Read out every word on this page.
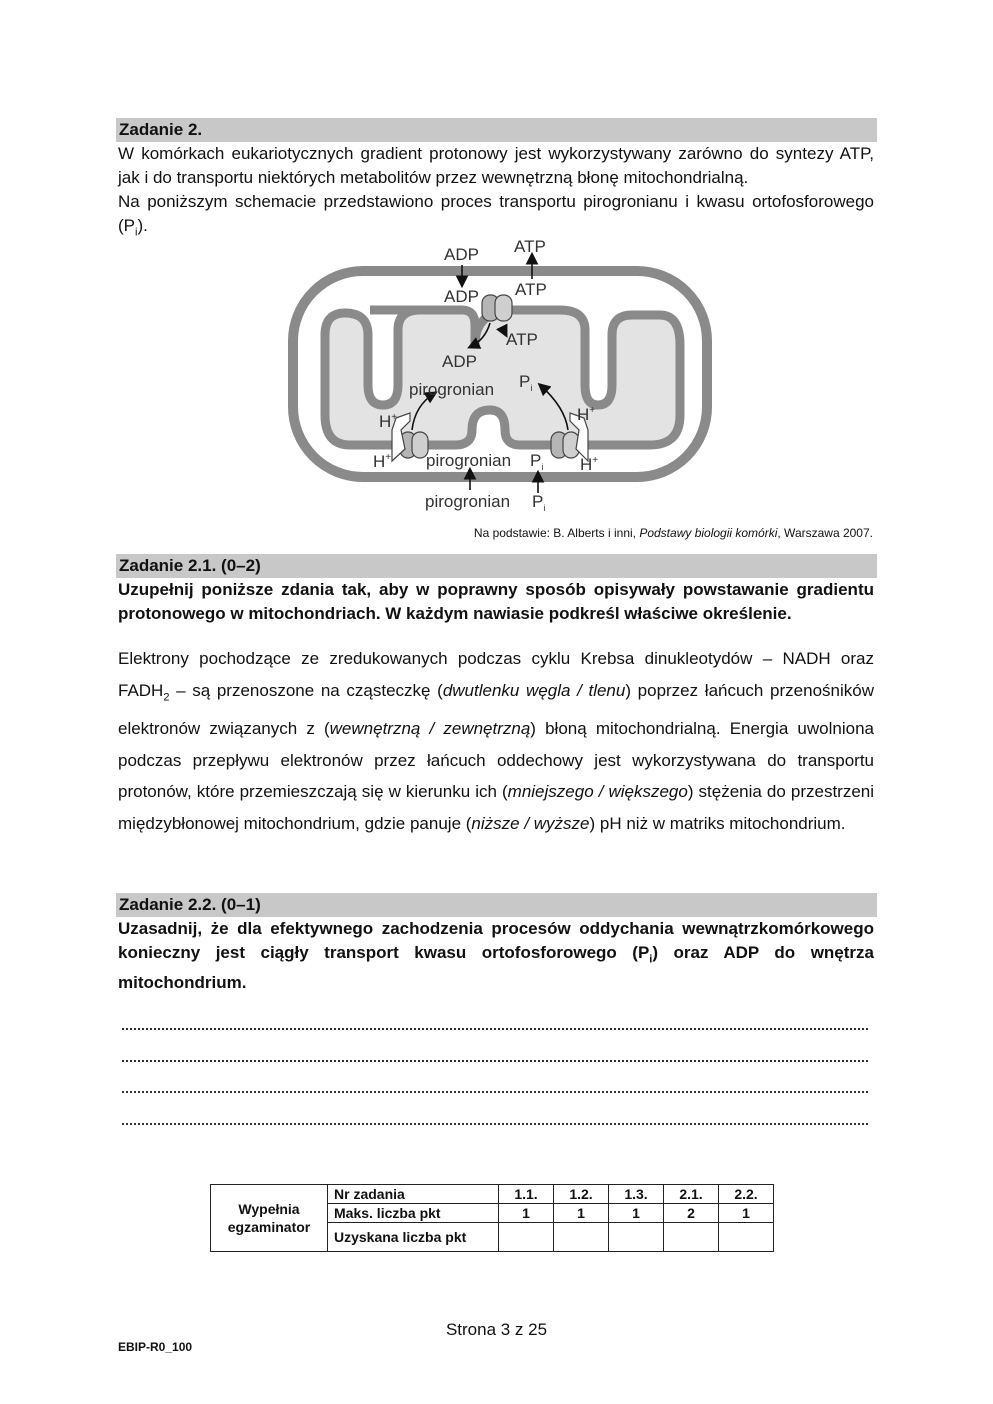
Zadanie 2.

W komórkach eukariotycznych gradient protonowy jest wykorzystywany zarówno do syntezy ATP, jak i do transportu niektórych metabolitów przez wewnętrzną błonę mitochondrialną.
Na poniższym schemacie przedstawiono proces transportu pirogronianu i kwasu ortofosforowego $(P_i)$.

ADP ATP
ADP ATP
ATP
ADP
pirogronian $P_i$
H+	H+
H+	H+
pirogronian $P_i$
pirogronian $P_i$
Na podstawie: B. Alberts i inni, Podstawy biologii komórki, Warszawa 2007.
Zadanie 2.1. (0–2)

Uzupełnij poniższe zdania tak, aby w poprawny sposób opisywały powstawanie gradientu protonowego w mitochondriach. W każdym nawiasie podkreśl właściwe określenie.

Elektrony pochodzące ze zredukowanych podczas cyklu Krebsa dinukleotydów – NADH oraz $FADH_2$ – są przenoszone na cząsteczkę (dwutlenku węgla / tlenu) poprzez łańcuch przenośników elektronów związanych z (wewnętrzną / zewnętrzną) błoną mitochondrialną. Energia uwolniona podczas przepływu elektronów przez łańcuch oddechowy jest wykorzystywana do transportu protonów, które przemieszczają się w kierunku ich (mniejszego / większego) stężenia do przestrzeni międzybłonowej mitochondrium, gdzie panuje (niższe / wyższe) pH niż w matriks mitochondrium.

Zadanie 2.2. (0–1)

Uzasadnij, że dla efektywnego zachodzenia procesów oddychania wewnątrzkomórkowego konieczny jest ciągły transport kwasu ortofosforowego $(P_i)$ oraz ADP do wnętrza mitochondrium.

Wypełnia egzaminator	Nr zadania	1.1.	1.2.	1.3.	2.1.	2.2.
	Maks. liczba pkt	1	1	1	2	1
	Uzyskana liczba pkt					
Strona 3 z 25
EBIP-R0_100
